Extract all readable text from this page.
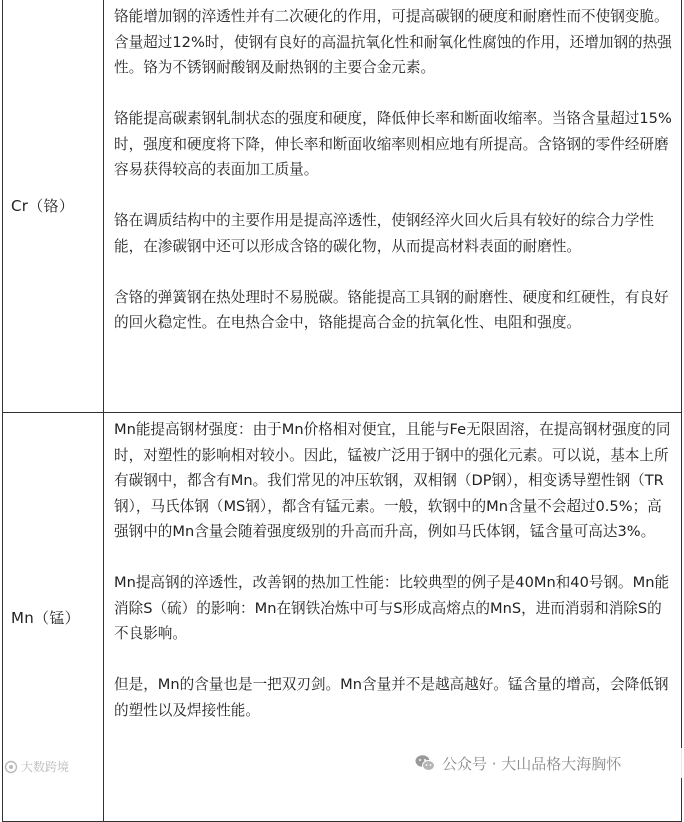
Cr（铬）	铬能增加钢的淬透性并有二次硬化的作用，可提高碳钢的硬度和耐磨性而不使钢变脆。含量超过12%时，使钢有良好的高温抗氧化性和耐氧化性腐蚀的作用，还增加钢的热强性。铬为不锈钢耐酸钢及耐热钢的主要合金元素。

铬能提高碳素钢轧制状态的强度和硬度，降低伸长率和断面收缩率。当铬含量超过15%时，强度和硬度将下降，伸长率和断面收缩率则相应地有所提高。含铬钢的零件经研磨容易获得较高的表面加工质量。

铬在调质结构中的主要作用是提高淬透性，使钢经淬火回火后具有较好的综合力学性能，在渗碳钢中还可以形成含铬的碳化物，从而提高材料表面的耐磨性。

含铬的弹簧钢在热处理时不易脱碳。铬能提高工具钢的耐磨性、硬度和红硬性，有良好的回火稳定性。在电热合金中，铬能提高合金的抗氧化性、电阻和强度。

Mn（锰）	Mn能提高钢材强度：由于Mn价格相对便宜，且能与Fe无限固溶，在提高钢材强度的同时，对塑性的影响相对较小。因此，锰被广泛用于钢中的强化元素。可以说，基本上所有碳钢中，都含有Mn。我们常见的冲压软钢，双相钢（DP钢），相变诱导塑性钢（TR钢），马氏体钢（MS钢），都含有锰元素。一般，软钢中的Mn含量不会超过0.5%；高强钢中的Mn含量会随着强度级别的升高而升高，例如马氏体钢，锰含量可高达3%。

Mn提高钢的淬透性，改善钢的热加工性能：比较典型的例子是40Mn和40号钢。Mn能消除S（硫）的影响：Mn在钢铁冶炼中可与S形成高熔点的MnS，进而消弱和消除S的不良影响。

但是，Mn的含量也是一把双刃剑。Mn含量并不是越高越好。锰含量的增高，会降低钢的塑性以及焊接性能。

大数跨境	公众号 · 大山品格大海胸怀
